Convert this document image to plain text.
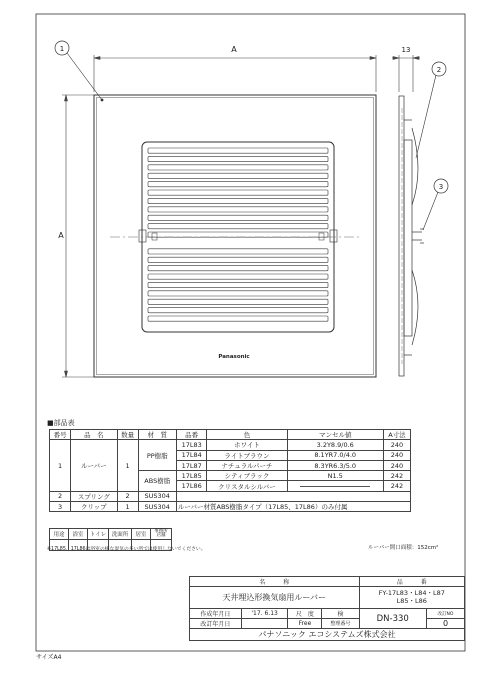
A	13
A
Panasonic
1
2
3
■部品表
番号	品　名	数量	材　質	品番	色	マンセル値	A寸法
1	ルーバー	1	PP樹脂	17L83	ホワイト	3.2Y8.9/0.6	240
				17L84	ライトブラウン	8.1YR7.0/4.0	240
				17L87	ナチュラルパーチ	8.3YR6.3/5.0	240
			ABS樹脂	17L85	シティブラック	N1.5	242
				17L86	クリスタルシルバー		242
2	スプリング	2	SUS304				
3	クリップ	1	SUS304	ルーバー材質ABS樹脂タイプ（17L85、17L86）のみ付属			
用途	浴室	トイレ	洗面所	居室	事務所
店舗

※17L85、17L86は浴室の様な湿気の多い所では使用しないでください。	ルーバー開口面積：152cm²
名　　　称				品　　　番	
天井埋込形換気扇用ルーバー				FY-17L83・L84・L87
L85・L86	
作成年月日	'17. 6.13	尺　度	検	DN-330	改訂NO
改訂年月日		Free	整理番号		0
パナソニック エコシステムズ株式会社					
サイズA4
